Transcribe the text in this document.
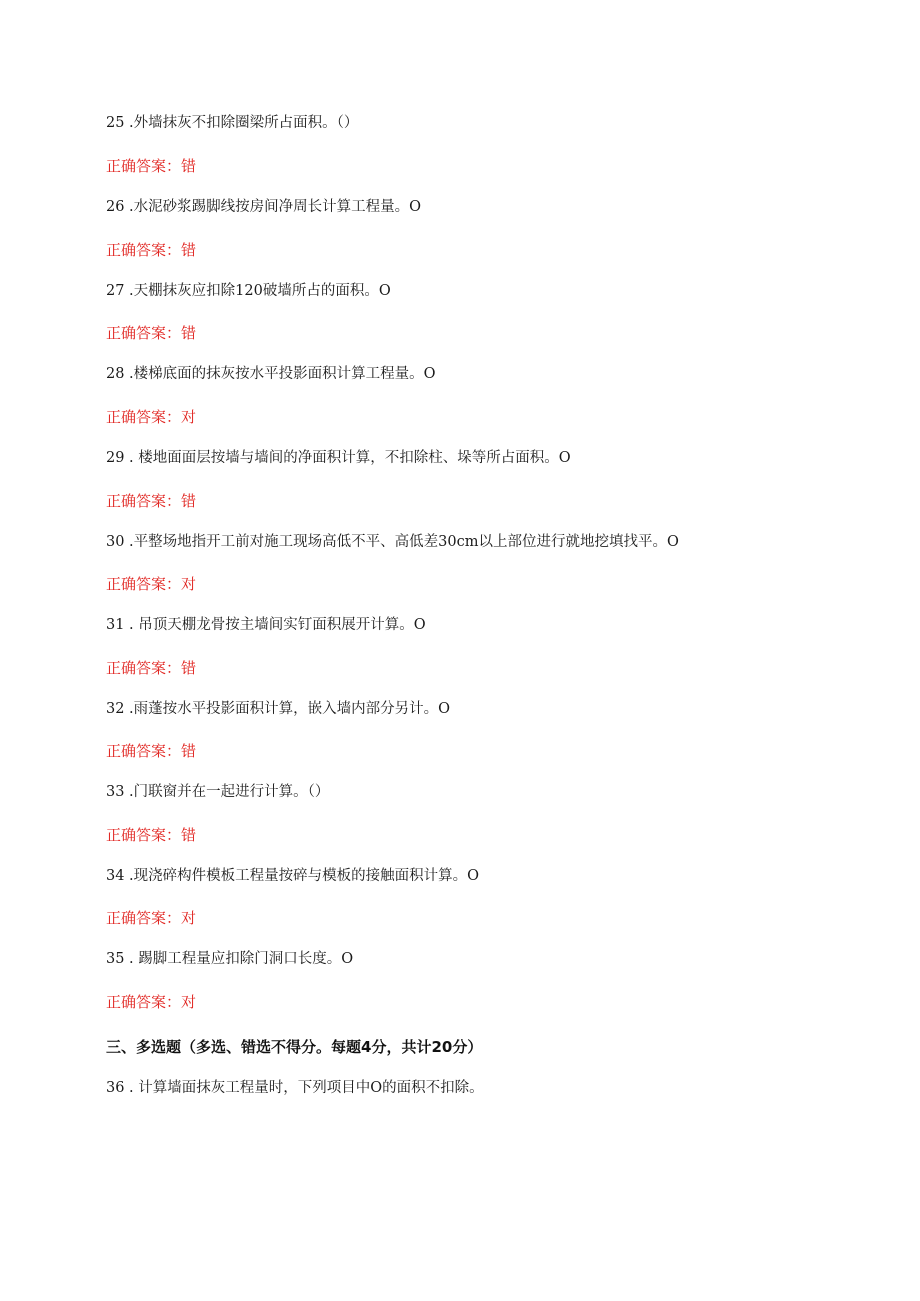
25 .外墙抹灰不扣除圈梁所占面积。（）
正确答案：错
26 .水泥砂浆踢脚线按房间净周长计算工程量。O
正确答案：错
27 .天棚抹灰应扣除120破墙所占的面积。O
正确答案：错
28 .楼梯底面的抹灰按水平投影面积计算工程量。O
正确答案：对
29 . 楼地面面层按墙与墙间的净面积计算，不扣除柱、垛等所占面积。O
正确答案：错
30 .平整场地指开工前对施工现场高低不平、高低差30cm以上部位进行就地挖填找平。O
正确答案：对
31 . 吊顶天棚龙骨按主墙间实钉面积展开计算。O
正确答案：错
32 .雨蓬按水平投影面积计算，嵌入墙内部分另计。O
正确答案：错
33 .门联窗并在一起进行计算。（）
正确答案：错
34 .现浇碎构件模板工程量按碎与模板的接触面积计算。O
正确答案：对
35 . 踢脚工程量应扣除门洞口长度。O
正确答案：对
三、多选题（多选、错选不得分。每题4分，共计20分）
36 . 计算墙面抹灰工程量时，下列项目中O的面积不扣除。
